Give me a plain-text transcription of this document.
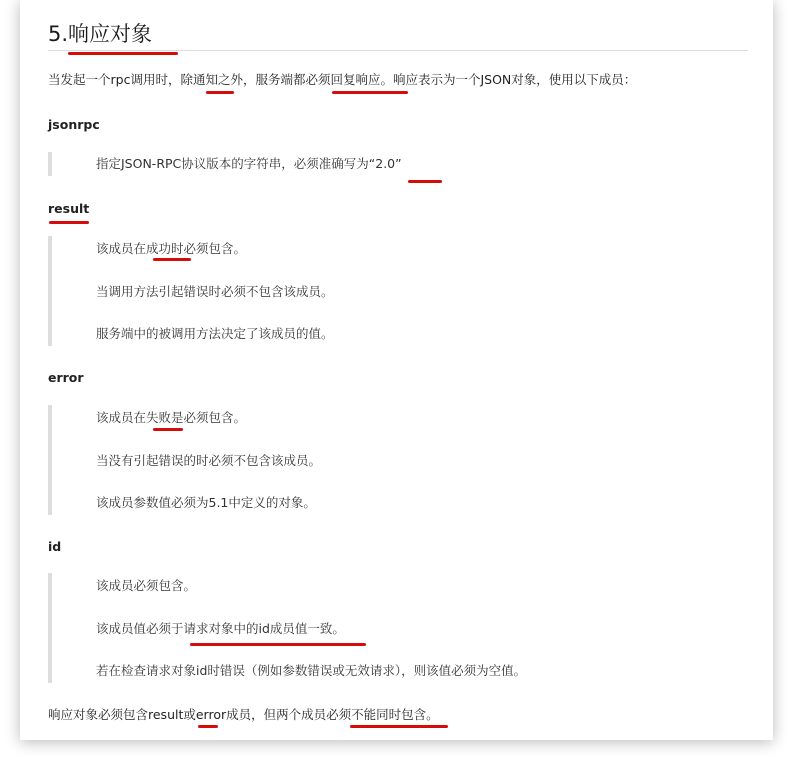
5.响应对象

当发起一个rpc调用时，除通知之外，服务端都必须回复响应。响应表示为一个JSON对象，使用以下成员：

jsonrpc

指定JSON-RPC协议版本的字符串，必须准确写为“2.0”

result

该成员在成功时必须包含。
当调用方法引起错误时必须不包含该成员。
服务端中的被调用方法决定了该成员的值。

error

该成员在失败是必须包含。
当没有引起错误的时必须不包含该成员。
该成员参数值必须为5.1中定义的对象。

id

该成员必须包含。
该成员值必须于请求对象中的id成员值一致。
若在检查请求对象id时错误（例如参数错误或无效请求），则该值必须为空值。

响应对象必须包含result或error成员，但两个成员必须不能同时包含。
